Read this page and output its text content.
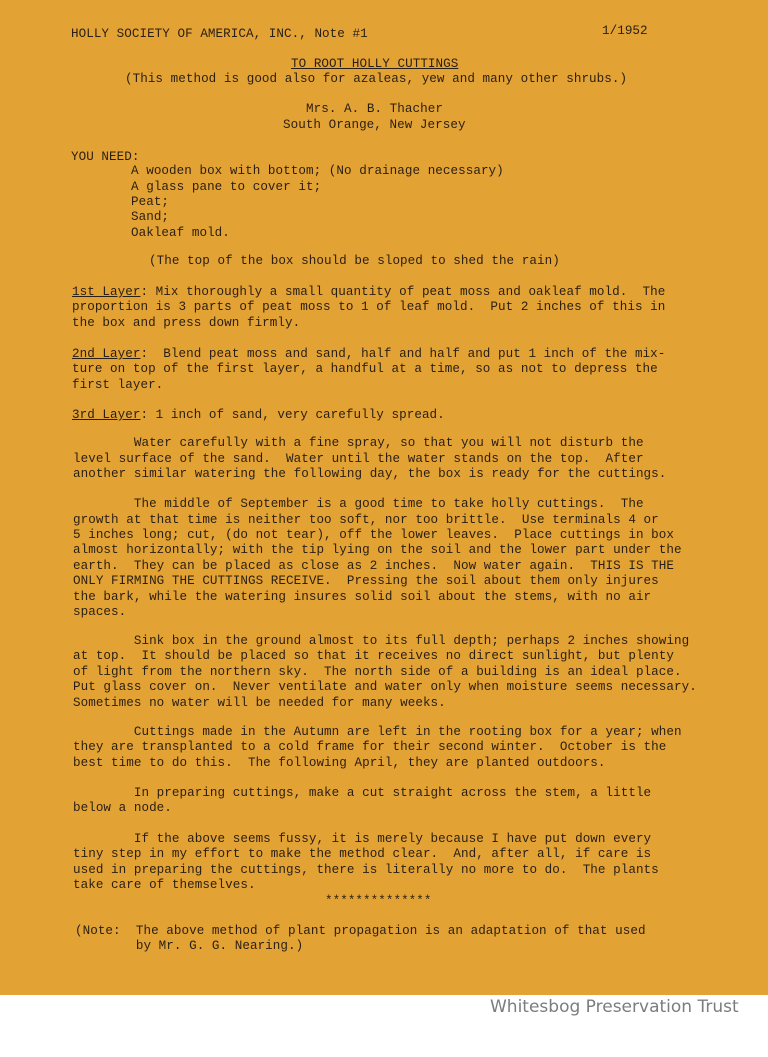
HOLLY SOCIETY OF AMERICA, INC., Note #1	1/1952
TO ROOT HOLLY CUTTINGS
(This method is good also for azaleas, yew and many other shrubs.)
Mrs. A. B. Thacher
South Orange, New Jersey
YOU NEED:
A wooden box with bottom; (No drainage necessary)
A glass pane to cover it;
Peat;
Sand;
Oakleaf mold.
(The top of the box should be sloped to shed the rain)
1st Layer: Mix thoroughly a small quantity of peat moss and oakleaf mold.  The
proportion is 3 parts of peat moss to 1 of leaf mold.  Put 2 inches of this in
the box and press down firmly.
2nd Layer:  Blend peat moss and sand, half and half and put 1 inch of the mix-
ture on top of the first layer, a handful at a time, so as not to depress the
first layer.
3rd Layer: 1 inch of sand, very carefully spread.
Water carefully with a fine spray, so that you will not disturb the
level surface of the sand.  Water until the water stands on the top.  After
another similar watering the following day, the box is ready for the cuttings.
The middle of September is a good time to take holly cuttings.  The
growth at that time is neither too soft, nor too brittle.  Use terminals 4 or
5 inches long; cut, (do not tear), off the lower leaves.  Place cuttings in box
almost horizontally; with the tip lying on the soil and the lower part under the
earth.  They can be placed as close as 2 inches.  Now water again.  THIS IS THE
ONLY FIRMING THE CUTTINGS RECEIVE.  Pressing the soil about them only injures
the bark, while the watering insures solid soil about the stems, with no air
spaces.
Sink box in the ground almost to its full depth; perhaps 2 inches showing
at top.  It should be placed so that it receives no direct sunlight, but plenty
of light from the northern sky.  The north side of a building is an ideal place.
Put glass cover on.  Never ventilate and water only when moisture seems necessary.
Sometimes no water will be needed for many weeks.
Cuttings made in the Autumn are left in the rooting box for a year; when
they are transplanted to a cold frame for their second winter.  October is the
best time to do this.  The following April, they are planted outdoors.
In preparing cuttings, make a cut straight across the stem, a little
below a node.
If the above seems fussy, it is merely because I have put down every
tiny step in my effort to make the method clear.  And, after all, if care is
used in preparing the cuttings, there is literally no more to do.  The plants
take care of themselves.
**************
(Note:  The above method of plant propagation is an adaptation of that used
by Mr. G. G. Nearing.)
Whitesbog Preservation Trust
